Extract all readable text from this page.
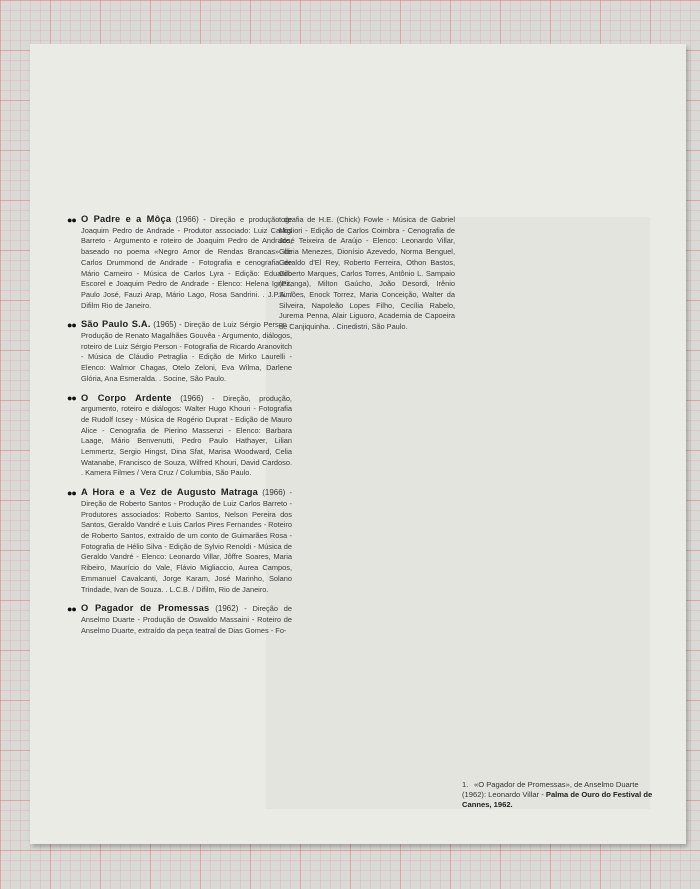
●● O Padre e a Môça (1966) - Direção e produção de Joaquim Pedro de Andrade - Produtor associado: Luiz Carlos Barreto - Argumento e roteiro de Joaquim Pedro de Andrade, baseado no poema «Negro Amor de Rendas Brancas» de Carlos Drummond de Andrade - Fotografia e cenografia de Mário Carneiro - Música de Carlos Lyra - Edição: Eduardo Escorel e Joaquim Pedro de Andrade - Elenco: Helena Ignez, Paulo José, Fauzi Arap, Mário Lago, Rosa Sandrini. . J.P.A. / Difilm Rio de Janeiro.
●● São Paulo S.A. (1965) - Direção de Luiz Sérgio Person - Produção de Renato Magalhães Gouvêa - Argumento, diálogos, roteiro de Luiz Sérgio Person - Fotografia de Ricardo Aranovitch - Música de Cláudio Petraglia - Edição de Mirko Laurelli - Elenco: Walmor Chagas, Otelo Zeloni, Eva Wilma, Darlene Glória, Ana Esmeralda. . Socine, São Paulo.
●● O Corpo Ardente (1966) - Direção, produção, argumento, roteiro e diálogos: Walter Hugo Khouri - Fotografia de Rudolf Icsey - Música de Rogério Duprat - Edição de Mauro Alice - Cenografia de Pierino Massenzi - Elenco: Barbara Laage, Mário Benvenutti, Pedro Paulo Hathayer, Lilian Lemmertz, Sergio Hingst, Dina Sfat, Marisa Woodward, Celia Watanabe, Francisco de Souza, Wilfred Khouri, David Cardoso. . Kamera Filmes / Vera Cruz / Columbia, São Paulo.
●● A Hora e a Vez de Augusto Matraga (1966) - Direção de Roberto Santos - Produção de Luiz Carlos Barreto - Produtores associados: Roberto Santos, Nelson Pereira dos Santos, Geraldo Vandré e Luis Carlos Pires Fernandes - Roteiro de Roberto Santos, extraído de um conto de Guimarães Rosa - Fotografia de Hélio Silva - Edição de Sylvio Renoldi - Música de Geraldo Vandré - Elenco: Leonardo Villar, Jôffre Soares, Maria Ribeiro, Maurício do Vale, Flávio Migliaccio, Aurea Campos, Emmanuel Cavalcanti, Jorge Karam, José Marinho, Solano Trindade, Ivan de Souza. . L.C.B. / Difilm, Rio de Janeiro.
●● O Pagador de Promessas (1962) - Direção de Anselmo Duarte - Produção de Oswaldo Massaini - Roteiro de Anselmo Duarte, extraído da peça teatral de Dias Gomes - Fo-
tografia de H.E. (Chick) Fowle - Música de Gabriel Migliori - Edição de Carlos Coimbra - Cenografia de José Teixeira de Araújo - Elenco: Leonardo Villar, Glória Menezes, Dionísio Azevedo, Norma Benguel, Geraldo d'El Rey, Roberto Ferreira, Othon Bastos, Gilberto Marques, Carlos Torres, Antônio L. Sampaio (Pitanga), Milton Gaúcho, João Desordi, Irênio Simões, Enock Torrez, Maria Conceição, Walter da Silveira, Napoleão Lopes Filho, Cecília Rabelo, Jurema Penna, Alair Liguoro, Academia de Capoeira de Canjiquinha. . Cinedistri, São Paulo.
1. «O Pagador de Promessas», de Anselmo Duarte (1962): Leonardo Villar - Palma de Ouro do Festival de Cannes, 1962.
